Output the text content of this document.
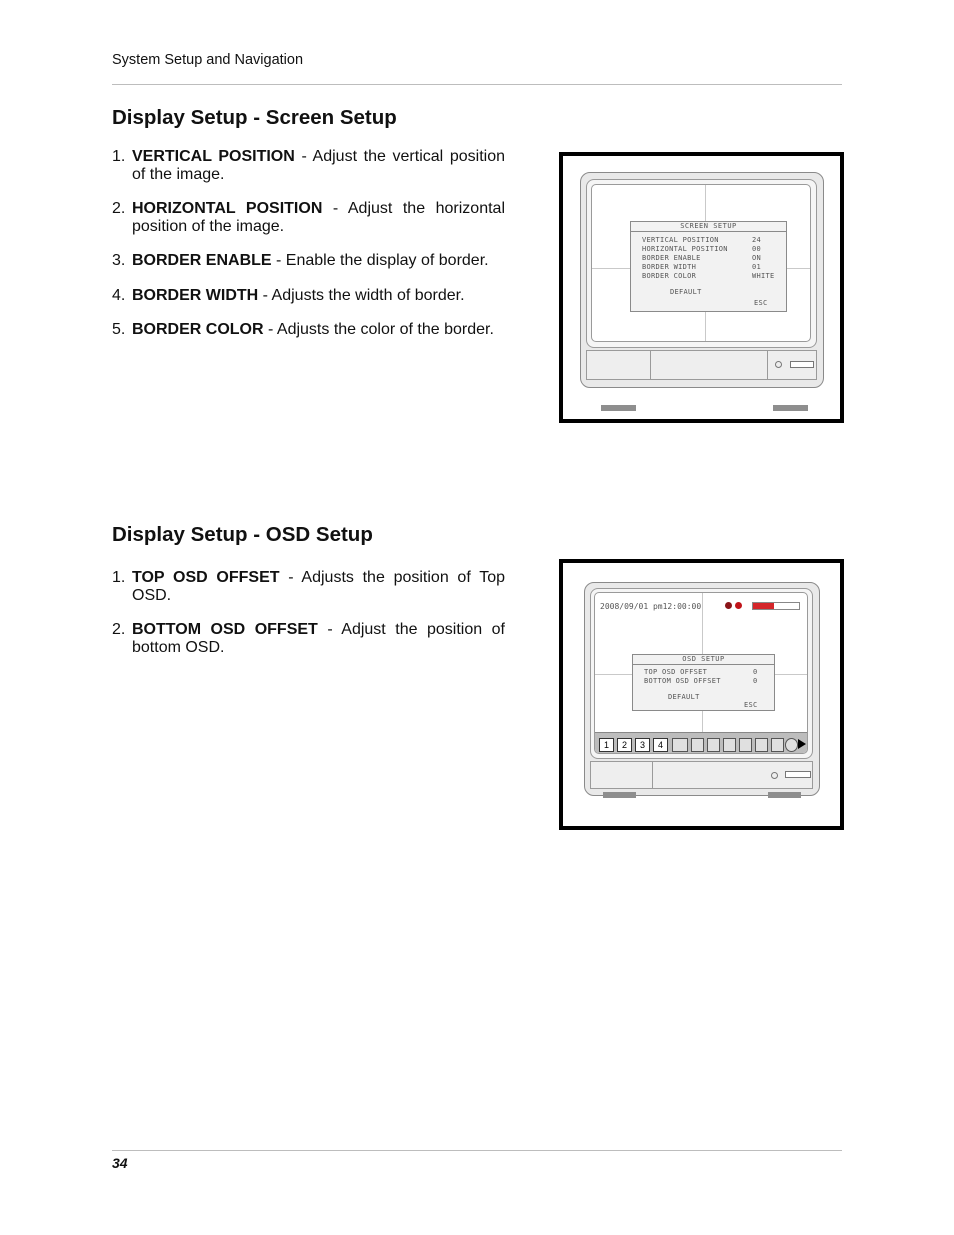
System Setup and Navigation
Display Setup - Screen Setup
1. VERTICAL POSITION - Adjust the vertical position of the image.
2. HORIZONTAL POSITION - Adjust the horizontal position of the image.
3. BORDER ENABLE - Enable the display of border.
4. BORDER WIDTH - Adjusts the width of border.
5. BORDER COLOR - Adjusts the color of the border.
SCREEN SETUP
VERTICAL POSITION	24
HORIZONTAL POSITION	00
BORDER ENABLE	ON
BORDER WIDTH	01
BORDER COLOR	WHITE
DEFAULT
ESC
Display Setup - OSD Setup
1. TOP OSD OFFSET - Adjusts the position of Top OSD.
2. BOTTOM OSD OFFSET - Adjust the position of bottom OSD.
2008/09/01 pm12:00:00
OSD SETUP
TOP OSD OFFSET	0
BOTTOM OSD OFFSET	0
DEFAULT
ESC
1	2	3	4
34
